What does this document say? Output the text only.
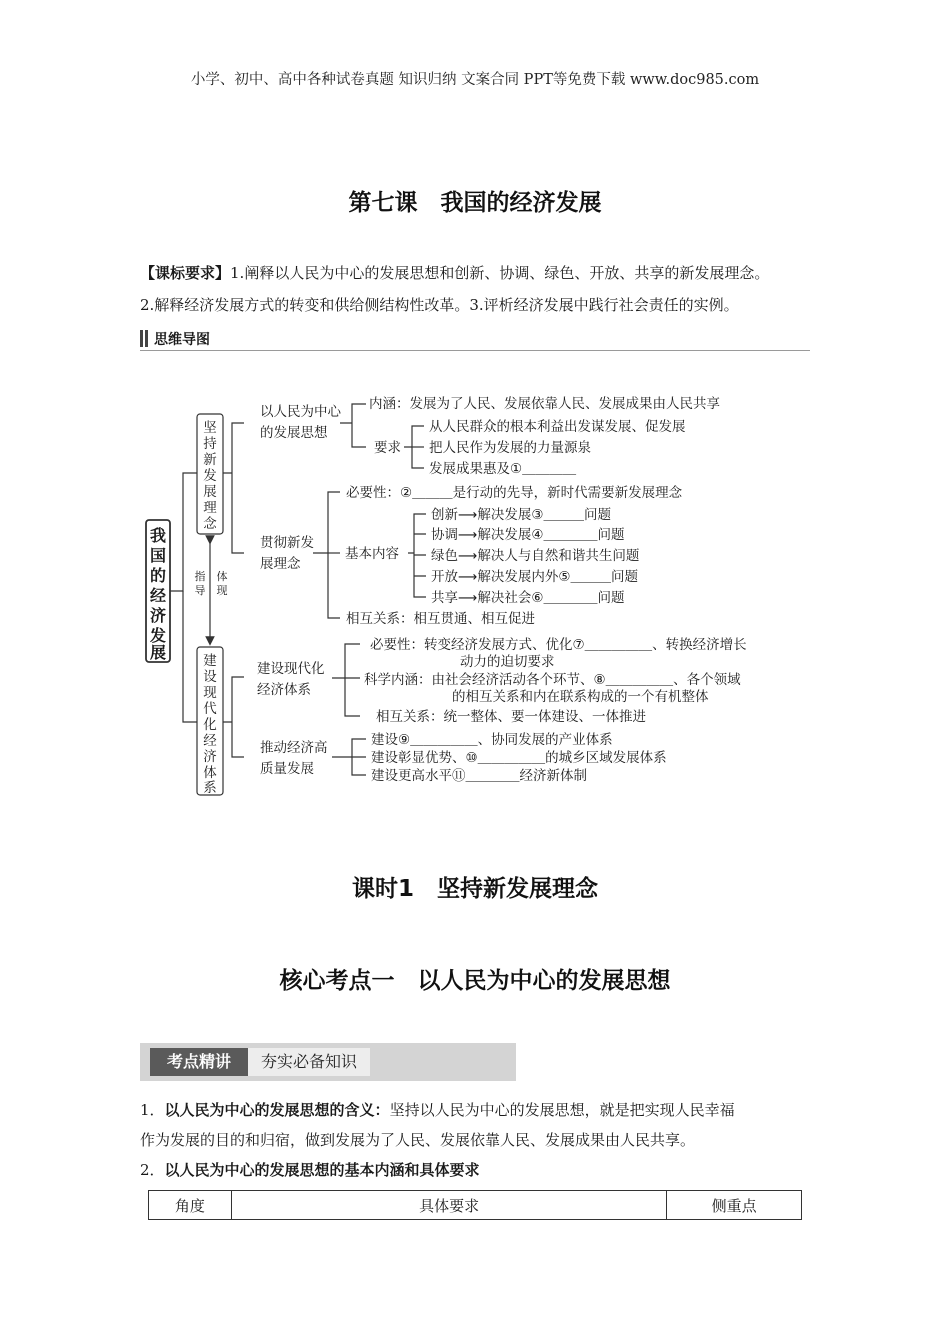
小学、初中、高中各种试卷真题 知识归纳 文案合同 PPT等免费下载 www.doc985.com
第七课　我国的经济发展
【课标要求】1.阐释以人民为中心的发展思想和创新、协调、绿色、开放、共享的新发展理念。
2.解释经济发展方式的转变和供给侧结构性改革。3.评析经济发展中践行社会责任的实例。
思维导图
我
国
的
经
济
发
展
坚
持
新
发
展
理
念
建
设
现
代
化
经
济
体
系
指
导
体
现
以人民为中心
的发展思想
内涵：发展为了人民、发展依靠人民、发展成果由人民共享
要求
从人民群众的根本利益出发谋发展、促发展
把人民作为发展的力量源泉
发展成果惠及①＿＿＿＿
贯彻新发
展理念
必要性：②＿＿＿是行动的先导，新时代需要新发展理念
基本内容
创新⟶解决发展③＿＿＿问题
协调⟶解决发展④＿＿＿＿问题
绿色⟶解决人与自然和谐共生问题
开放⟶解决发展内外⑤＿＿＿问题
共享⟶解决社会⑥＿＿＿＿问题
相互关系：相互贯通、相互促进
建设现代化
经济体系
必要性：转变经济发展方式、优化⑦＿＿＿＿＿、转换经济增长
动力的迫切要求
科学内涵：由社会经济活动各个环节、⑧＿＿＿＿＿、各个领域
的相互关系和内在联系构成的一个有机整体
相互关系：统一整体、要一体建设、一体推进
推动经济高
质量发展
建设⑨＿＿＿＿＿、协同发展的产业体系
建设彰显优势、⑩＿＿＿＿＿的城乡区域发展体系
建设更高水平⑪＿＿＿＿经济新体制
课时1　坚持新发展理念
核心考点一　以人民为中心的发展思想
考点精讲	夯实必备知识
1．以人民为中心的发展思想的含义：坚持以人民为中心的发展思想，就是把实现人民幸福
作为发展的目的和归宿，做到发展为了人民、发展依靠人民、发展成果由人民共享。
2．以人民为中心的发展思想的基本内涵和具体要求
角度	具体要求	侧重点
